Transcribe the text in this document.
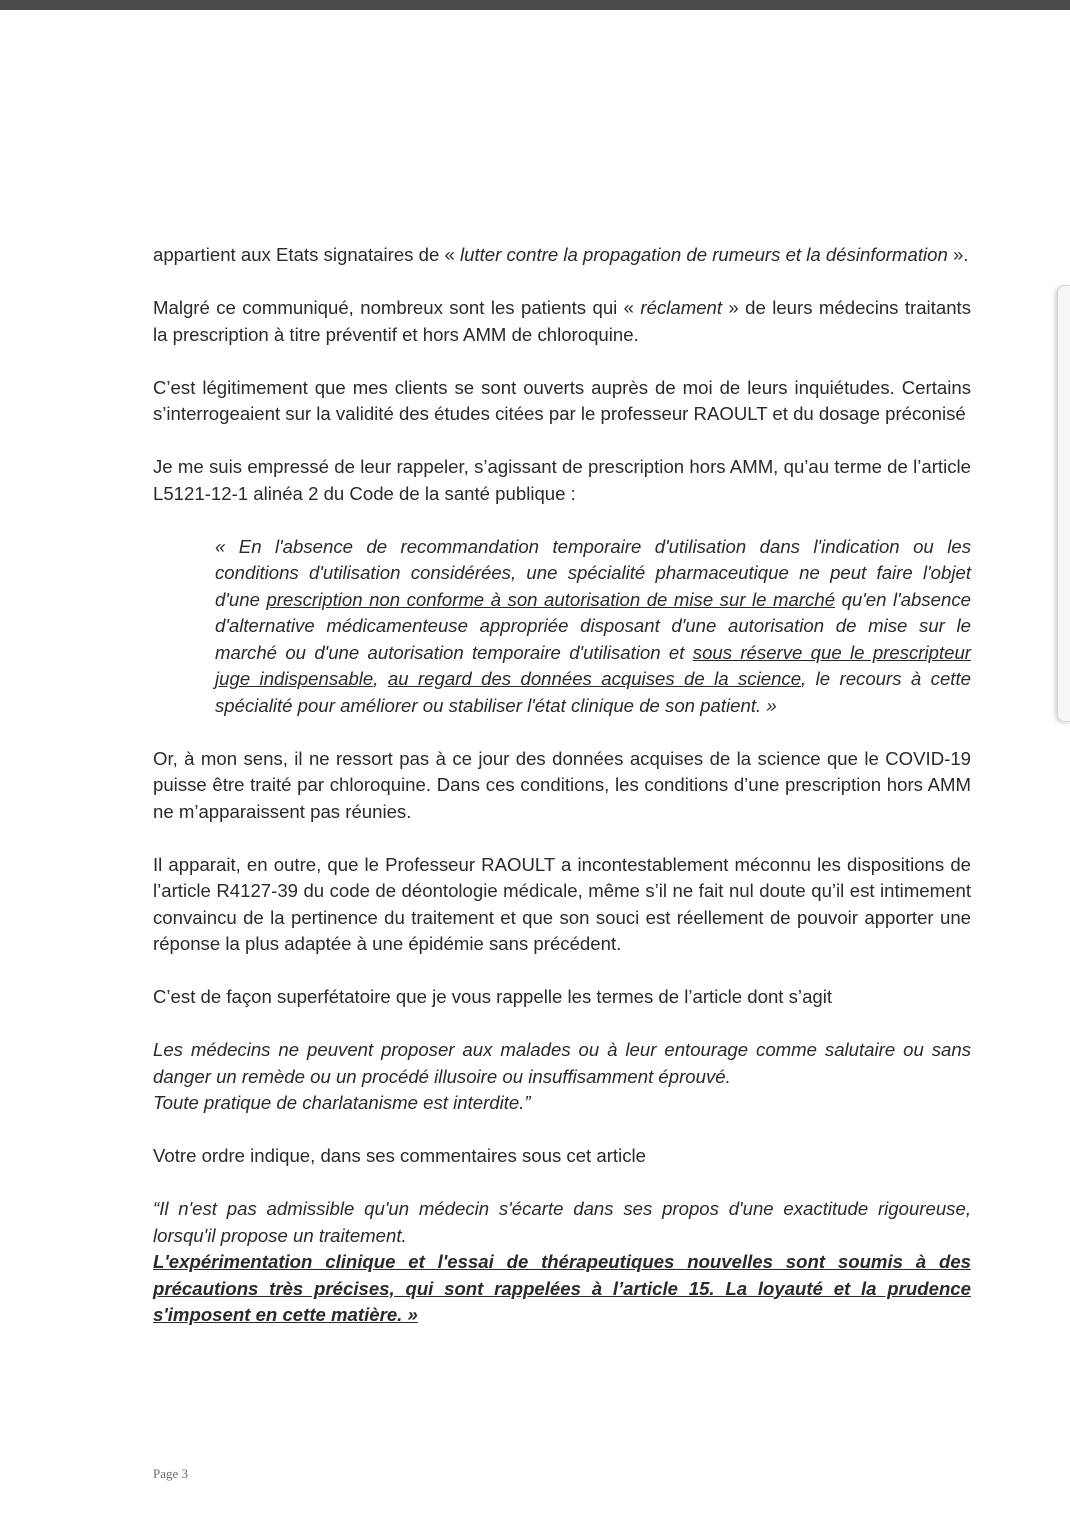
appartient aux Etats signataires de « lutter contre la propagation de rumeurs et la désinformation ».

Malgré ce communiqué, nombreux sont les patients qui « réclament » de leurs médecins traitants la prescription à titre préventif et hors AMM de chloroquine.

C’est légitimement que mes clients se sont ouverts auprès de moi de leurs inquiétudes. Certains s’interrogeaient sur la validité des études citées par le professeur RAOULT et du dosage préconisé

Je me suis empressé de leur rappeler, s’agissant de prescription hors AMM, qu’au terme de l’article L5121-12-1 alinéa 2 du Code de la santé publique :

« En l'absence de recommandation temporaire d'utilisation dans l'indication ou les conditions d'utilisation considérées, une spécialité pharmaceutique ne peut faire l'objet d'une prescription non conforme à son autorisation de mise sur le marché qu'en l'absence d'alternative médicamenteuse appropriée disposant d'une autorisation de mise sur le marché ou d'une autorisation temporaire d'utilisation et sous réserve que le prescripteur juge indispensable, au regard des données acquises de la science, le recours à cette spécialité pour améliorer ou stabiliser l'état clinique de son patient. »

Or, à mon sens, il ne ressort pas à ce jour des données acquises de la science que le COVID-19 puisse être traité par chloroquine. Dans ces conditions, les conditions d’une prescription hors AMM ne m’apparaissent pas réunies.

Il apparait, en outre, que le Professeur RAOULT a incontestablement méconnu les dispositions de l’article R4127-39 du code de déontologie médicale, même s’il ne fait nul doute qu’il est intimement convaincu de la pertinence du traitement et que son souci est réellement de pouvoir apporter une réponse la plus adaptée à une épidémie sans précédent.

C’est de façon superfétatoire que je vous rappelle les termes de l’article dont s’agit

Les médecins ne peuvent proposer aux malades ou à leur entourage comme salutaire ou sans danger un remède ou un procédé illusoire ou insuffisamment éprouvé.
Toute pratique de charlatanisme est interdite.”

Votre ordre indique, dans ses commentaires sous cet article

“Il n'est pas admissible qu'un médecin s'écarte dans ses propos d'une exactitude rigoureuse, lorsqu'il propose un traitement.
L'expérimentation clinique et l'essai de thérapeutiques nouvelles sont soumis à des précautions très précises, qui sont rappelées à l’article 15. La loyauté et la prudence s'imposent en cette matière. »

Page 3
